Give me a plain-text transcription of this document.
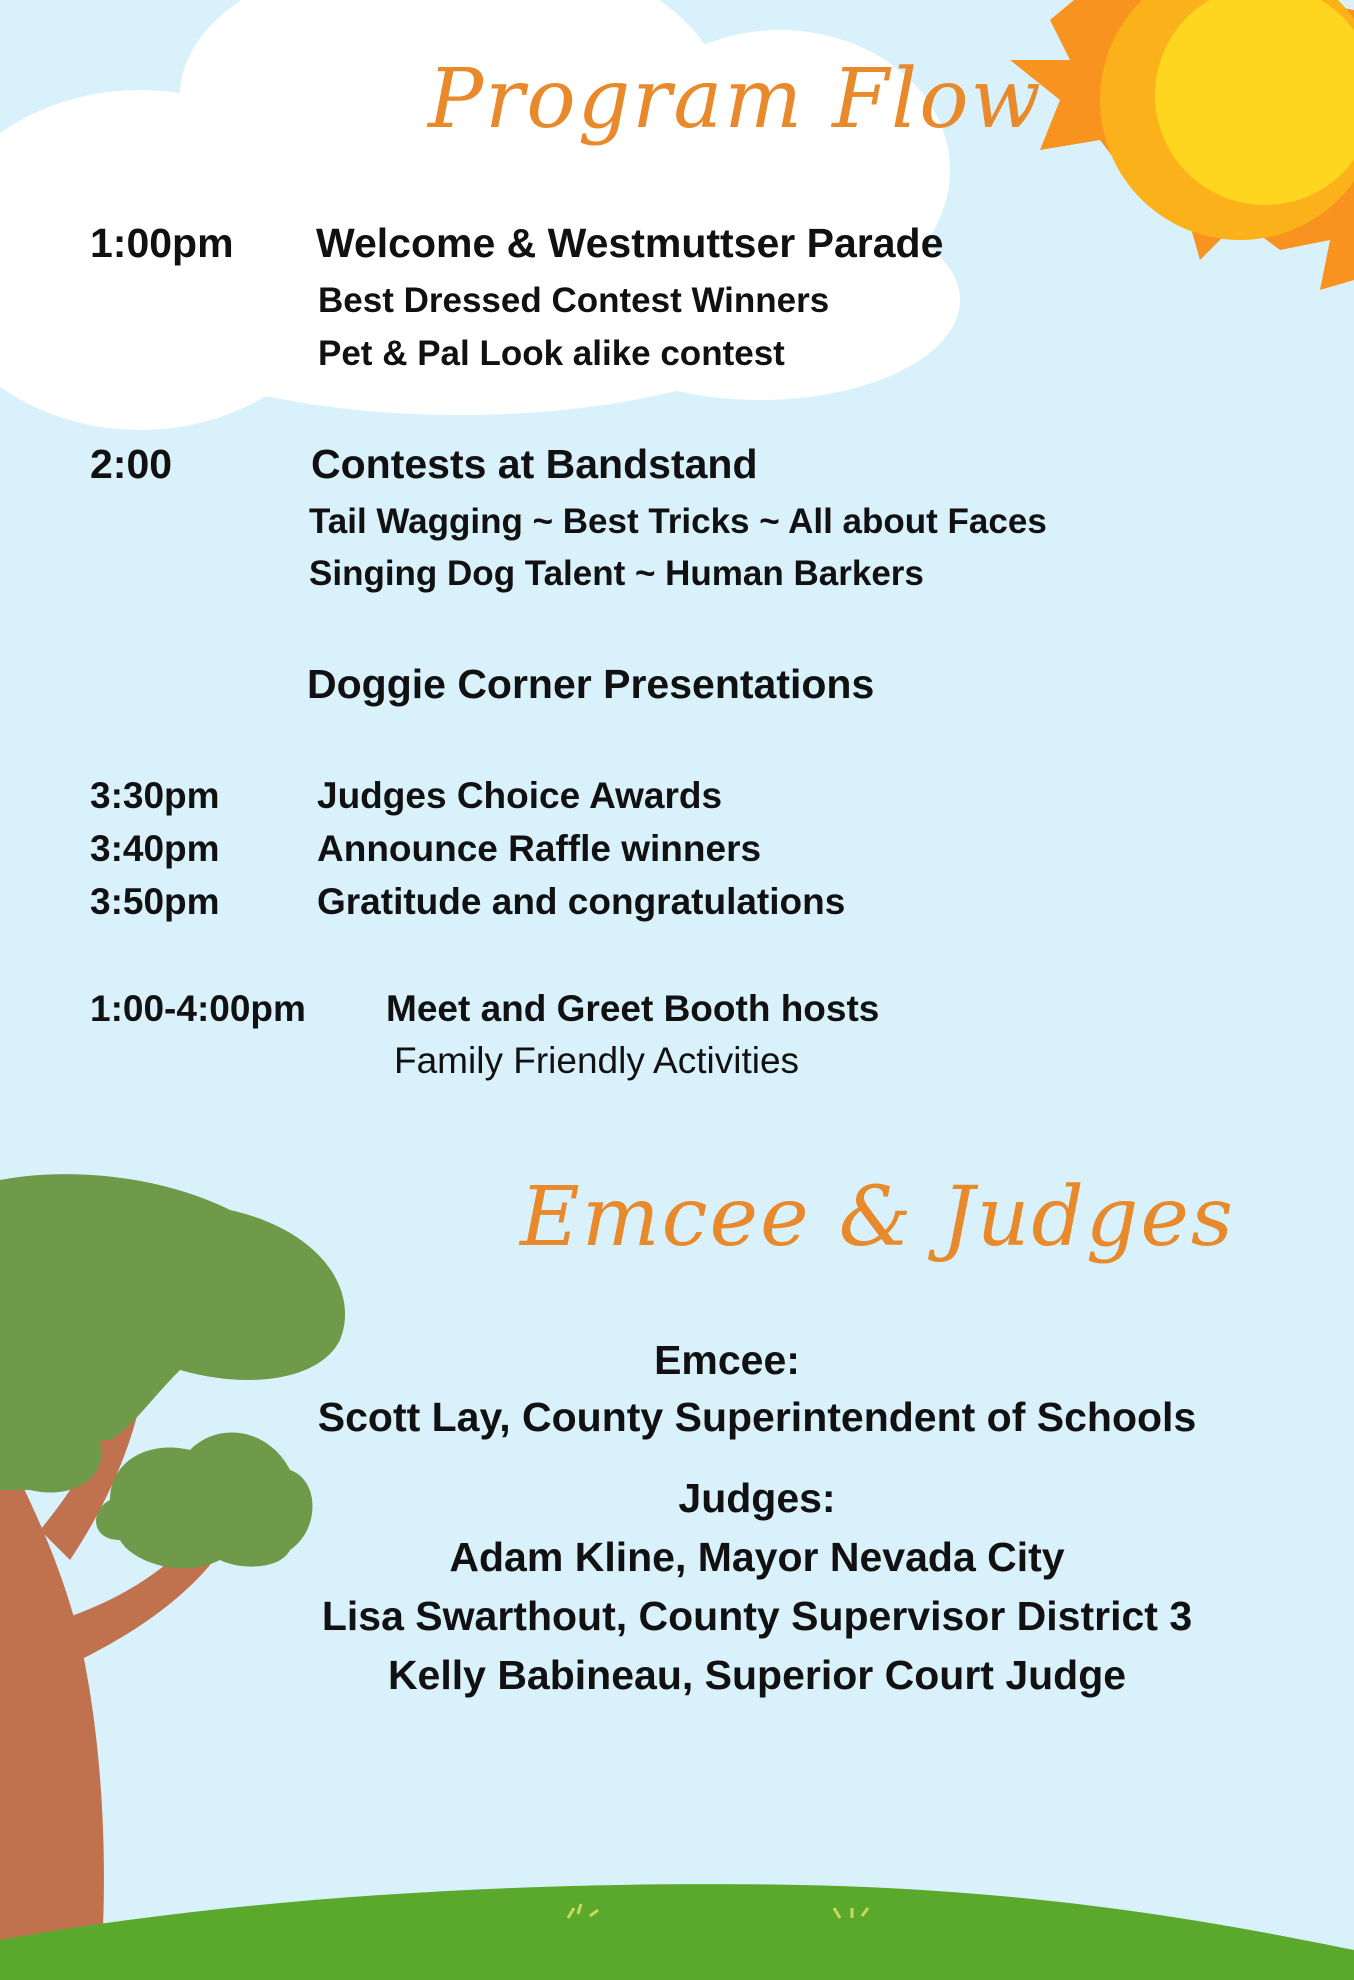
Program Flow
1:00pm Welcome & Westmuttser Parade
Best Dressed Contest Winners
Pet & Pal Look alike contest
2:00	Contests at Bandstand
Tail Wagging ~ Best Tricks ~ All about Faces
Singing Dog Talent ~ Human Barkers
Doggie Corner Presentations
3:30pm	Judges Choice Awards
3:40pm	Announce Raffle winners
3:50pm	Gratitude and congratulations
1:00-4:00pm Meet and Greet Booth hosts
Family Friendly Activities
Emcee & Judges
Emcee:
Scott Lay, County Superintendent of Schools
Judges:
Adam Kline, Mayor Nevada City
Lisa Swarthout, County Supervisor District 3
Kelly Babineau, Superior Court Judge
